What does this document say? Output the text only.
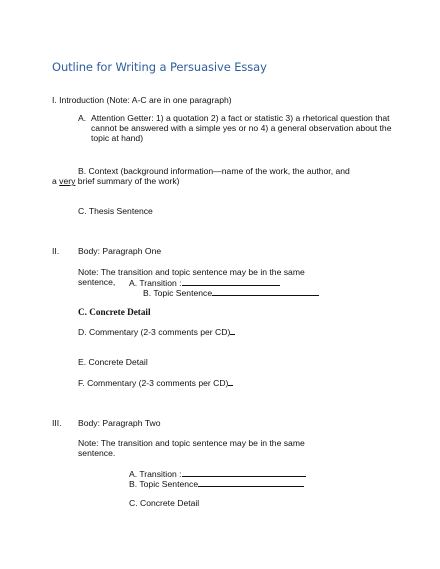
Outline for Writing a Persuasive Essay
I. Introduction (Note: A-C are in one paragraph)
A. Attention Getter: 1) a quotation 2) a fact or statistic 3) a rhetorical question that
cannot be answered with a simple yes or no 4) a general observation about the
topic at hand)
B. Context (background information—name of the work, the author, and
a very brief summary of the work)
C. Thesis Sentence
II. Body: Paragraph One
Note: The transition and topic sentence may be in the same
sentence, A. Transition :
B. Topic Sentence
C. Concrete Detail
D. Commentary (2-3 comments per CD)
E. Concrete Detail
F. Commentary (2-3 comments per CD)
III. Body: Paragraph Two
Note: The transition and topic sentence may be in the same
sentence.
A. Transition :
B. Topic Sentence
C. Concrete Detail
